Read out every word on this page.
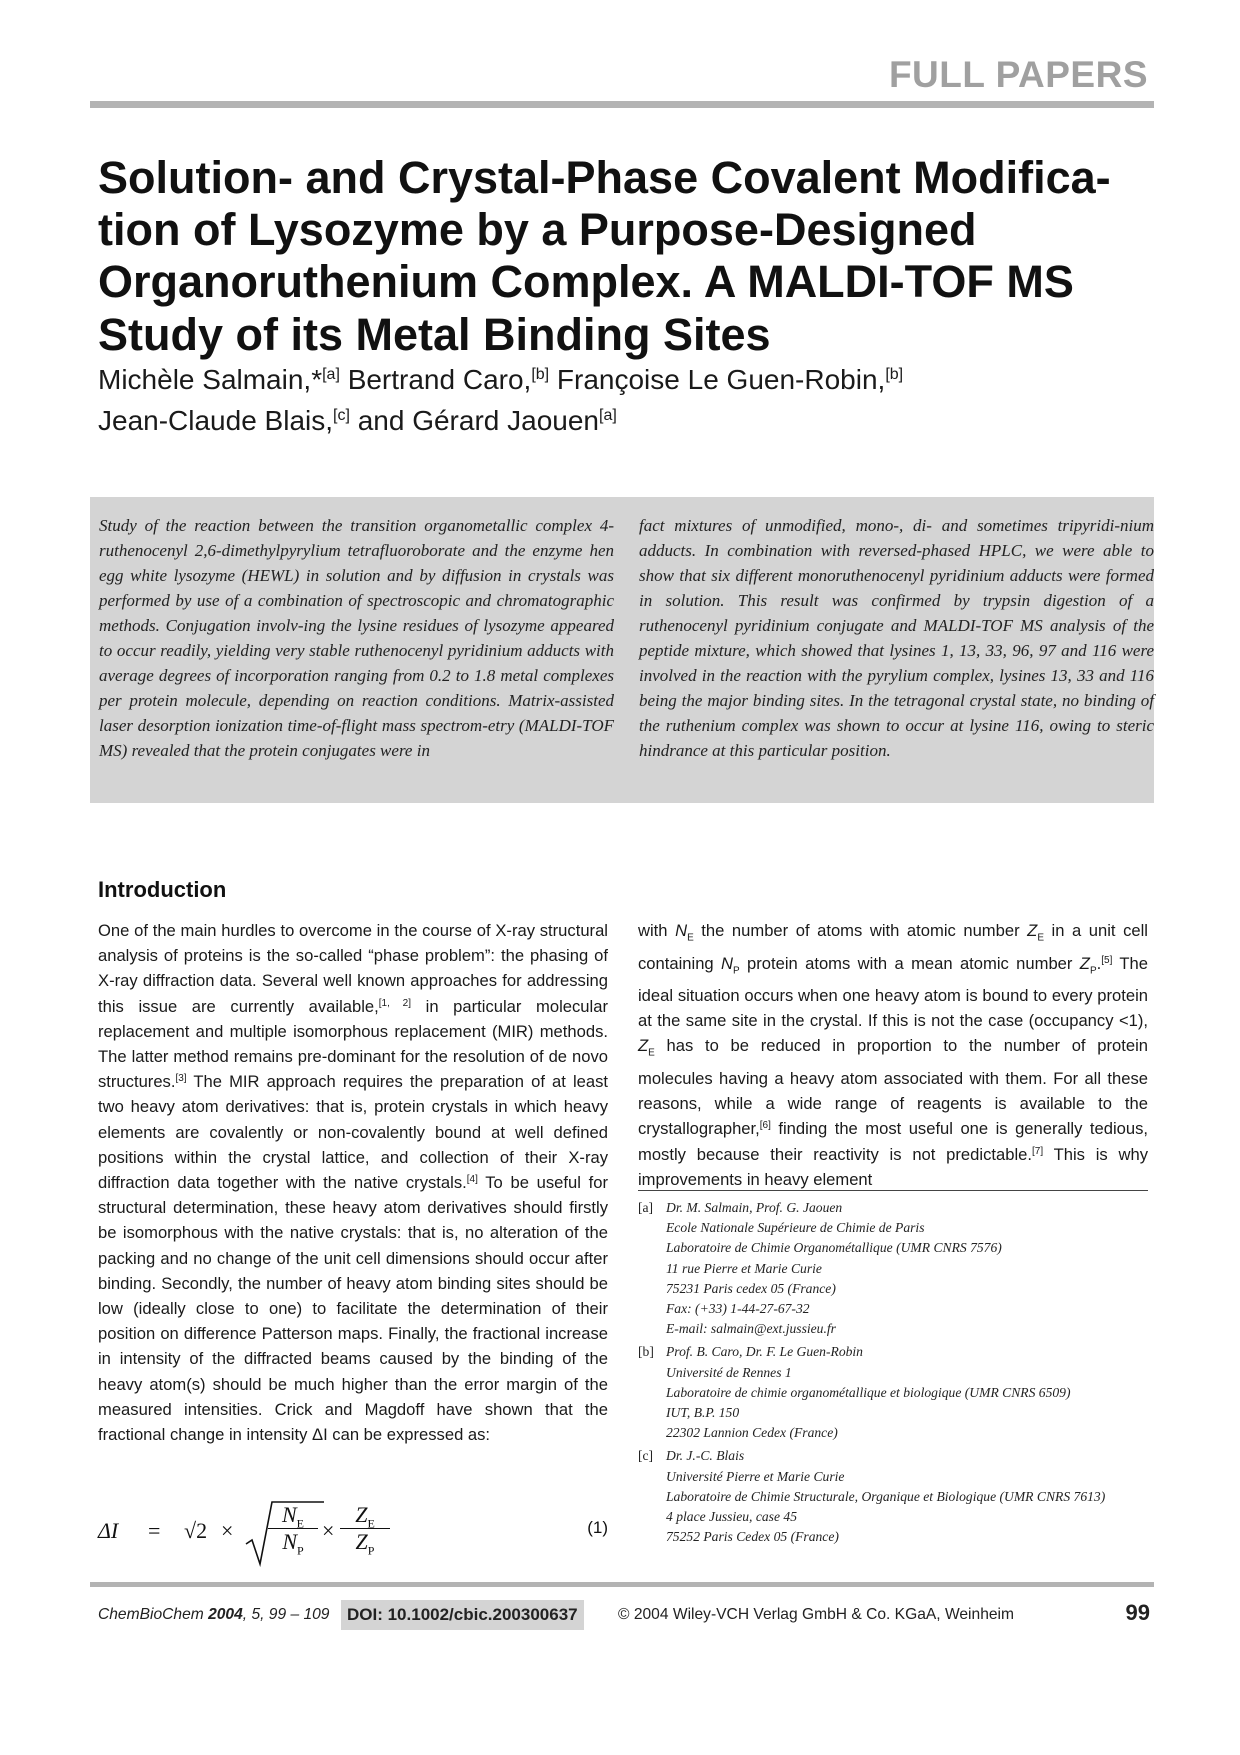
FULL PAPERS
Solution- and Crystal-Phase Covalent Modifica-tion of Lysozyme by a Purpose-Designed Organoruthenium Complex. A MALDI-TOF MS Study of its Metal Binding Sites
Michèle Salmain,*[a] Bertrand Caro,[b] Françoise Le Guen-Robin,[b]
Jean-Claude Blais,[c] and Gérard Jaouen[a]

Study of the reaction between the transition organometallic complex 4-ruthenocenyl 2,6-dimethylpyrylium tetrafluoroborate and the enzyme hen egg white lysozyme (HEWL) in solution and by diffusion in crystals was performed by use of a combination of spectroscopic and chromatographic methods. Conjugation involv-ing the lysine residues of lysozyme appeared to occur readily, yielding very stable ruthenocenyl pyridinium adducts with average degrees of incorporation ranging from 0.2 to 1.8 metal complexes per protein molecule, depending on reaction conditions. Matrix-assisted laser desorption ionization time-of-flight mass spectrom-etry (MALDI-TOF MS) revealed that the protein conjugates were in

fact mixtures of unmodified, mono-, di- and sometimes tripyridi-nium adducts. In combination with reversed-phased HPLC, we were able to show that six different monoruthenocenyl pyridinium adducts were formed in solution. This result was confirmed by trypsin digestion of a ruthenocenyl pyridinium conjugate and MALDI-TOF MS analysis of the peptide mixture, which showed that lysines 1, 13, 33, 96, 97 and 116 were involved in the reaction with the pyrylium complex, lysines 13, 33 and 116 being the major binding sites. In the tetragonal crystal state, no binding of the ruthenium complex was shown to occur at lysine 116, owing to steric hindrance at this particular position.

Introduction

One of the main hurdles to overcome in the course of X-ray structural analysis of proteins is the so-called “phase problem”: the phasing of X-ray diffraction data. Several well known approaches for addressing this issue are currently available,[1, 2] in particular molecular replacement and multiple isomorphous replacement (MIR) methods. The latter method remains pre-dominant for the resolution of de novo structures.[3] The MIR approach requires the preparation of at least two heavy atom derivatives: that is, protein crystals in which heavy elements are covalently or non-covalently bound at well defined positions within the crystal lattice, and collection of their X-ray diffraction data together with the native crystals.[4] To be useful for structural determination, these heavy atom derivatives should firstly be isomorphous with the native crystals: that is, no alteration of the packing and no change of the unit cell dimensions should occur after binding. Secondly, the number of heavy atom binding sites should be low (ideally close to one) to facilitate the determination of their position on difference Patterson maps. Finally, the fractional increase in intensity of the diffracted beams caused by the binding of the heavy atom(s) should be much higher than the error margin of the measured intensities. Crick and Magdoff have shown that the fractional change in intensity ΔI can be expressed as:

with $N_E$ the number of atoms with atomic number $Z_E$ in a unit cell containing $N_P$ protein atoms with a mean atomic number $Z_P.[5]$ The ideal situation occurs when one heavy atom is bound to every protein at the same site in the crystal. If this is not the case (occupancy <1), $Z_E$ has to be reduced in proportion to the number of protein molecules having a heavy atom associated with them. For all these reasons, while a wide range of reagents is available to the crystallographer,[6] finding the most useful one is generally tedious, mostly because their reactivity is not predictable.[7] This is why improvements in heavy element

$\Delta I = √2 \times \frac{N_E}{N_P} \times \frac{Z_E}{Z_P}$	(1)
[a] Dr. M. Salmain, Prof. G. Jaouen
Ecole Nationale Supérieure de Chimie de Paris
Laboratoire de Chimie Organométallique (UMR CNRS 7576)
11 rue Pierre et Marie Curie
75231 Paris cedex 05 (France)
Fax: (+33) 1-44-27-67-32
E-mail: salmain@ext.jussieu.fr
[b] Prof. B. Caro, Dr. F. Le Guen-Robin
Université de Rennes 1
Laboratoire de chimie organométallique et biologique (UMR CNRS 6509)
IUT, B.P. 150
22302 Lannion Cedex (France)
[c] Dr. J.-C. Blais
Université Pierre et Marie Curie
Laboratoire de Chimie Structurale, Organique et Biologique (UMR CNRS 7613)
4 place Jussieu, case 45
75252 Paris Cedex 05 (France)
ChemBioChem 2004, 5, 99 – 109	DOI: 10.1002/cbic.200300637	© 2004 Wiley-VCH Verlag GmbH & Co. KGaA, Weinheim	99
